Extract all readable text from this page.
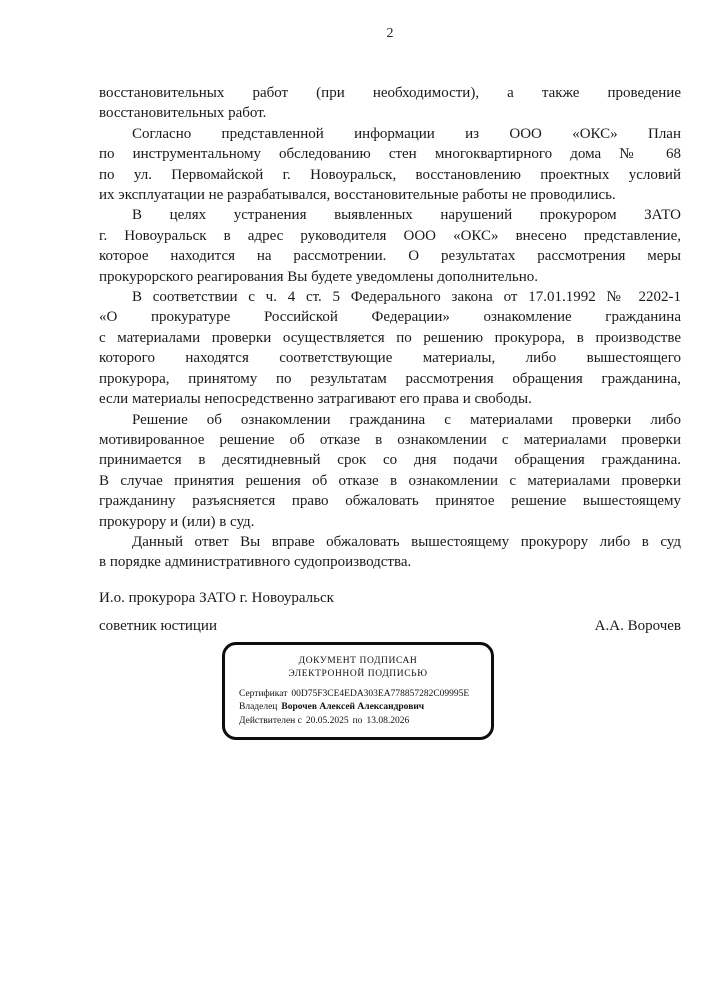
2
восстановительных работ (при необходимости), а также проведение
восстановительных работ.
Согласно представленной информации из ООО «ОКС» План
по инструментальному обследованию стен многоквартирного дома № 68
по ул. Первомайской г. Новоуральск, восстановлению проектных условий
их эксплуатации не разрабатывался, восстановительные работы не проводились.
В целях устранения выявленных нарушений прокурором ЗАТО
г. Новоуральск в адрес руководителя ООО «ОКС» внесено представление,
которое находится на рассмотрении. О результатах рассмотрения меры
прокурорского реагирования Вы будете уведомлены дополнительно.
В соответствии с ч. 4 ст. 5 Федерального закона от 17.01.1992 № 2202-1
«О прокуратуре Российской Федерации» ознакомление гражданина
с материалами проверки осуществляется по решению прокурора, в производстве
которого находятся соответствующие материалы, либо вышестоящего
прокурора, принятому по результатам рассмотрения обращения гражданина,
если материалы непосредственно затрагивают его права и свободы.
Решение об ознакомлении гражданина с материалами проверки либо
мотивированное решение об отказе в ознакомлении с материалами проверки
принимается в десятидневный срок со дня подачи обращения гражданина.
В случае принятия решения об отказе в ознакомлении с материалами проверки
гражданину разъясняется право обжаловать принятое решение вышестоящему
прокурору и (или) в суд.
Данный ответ Вы вправе обжаловать вышестоящему прокурору либо в суд
в порядке административного судопроизводства.
И.о. прокурора ЗАТО г. Новоуральск
советник юстиции	А.А. Ворочев
ДОКУМЕНТ ПОДПИСАН
ЭЛЕКТРОННОЙ ПОДПИСЬЮ
Сертификат 00D75F3CE4EDA303EA778857282C09995E
Владелец Ворочев Алексей Александрович
Действителен с 20.05.2025 по 13.08.2026
